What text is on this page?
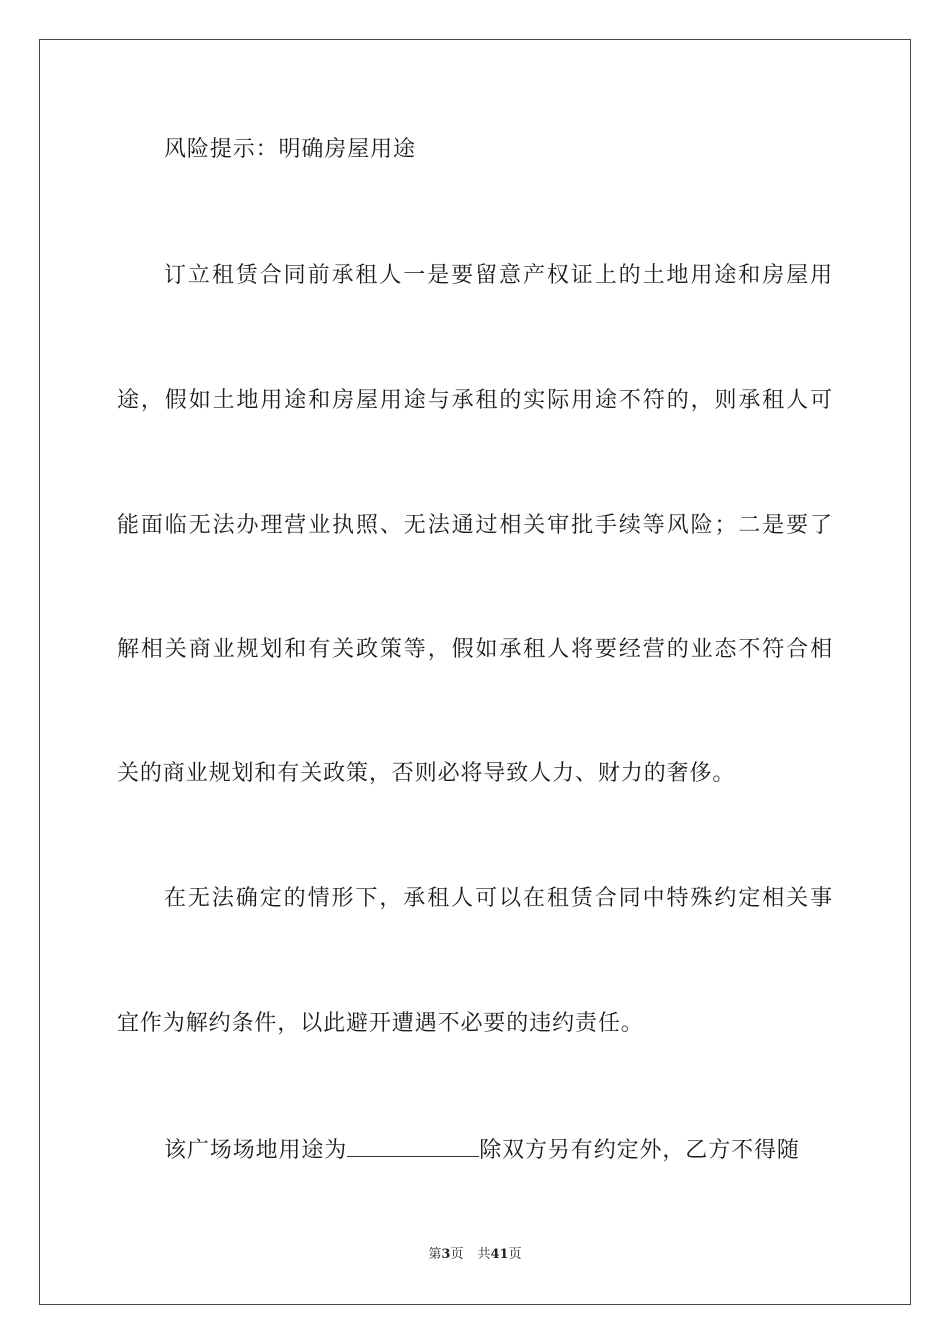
风险提示：明确房屋用途
订立租赁合同前承租人一是要留意产权证上的土地用途和房屋用
途，假如土地用途和房屋用途与承租的实际用途不符的，则承租人可
能面临无法办理营业执照、无法通过相关审批手续等风险；二是要了
解相关商业规划和有关政策等，假如承租人将要经营的业态不符合相
关的商业规划和有关政策，否则必将导致人力、财力的奢侈。
在无法确定的情形下，承租人可以在租赁合同中特殊约定相关事
宜作为解约条件，以此避开遭遇不必要的违约责任。
该广场场地用途为	除双方另有约定外，乙方不得随
第3页 共41页
